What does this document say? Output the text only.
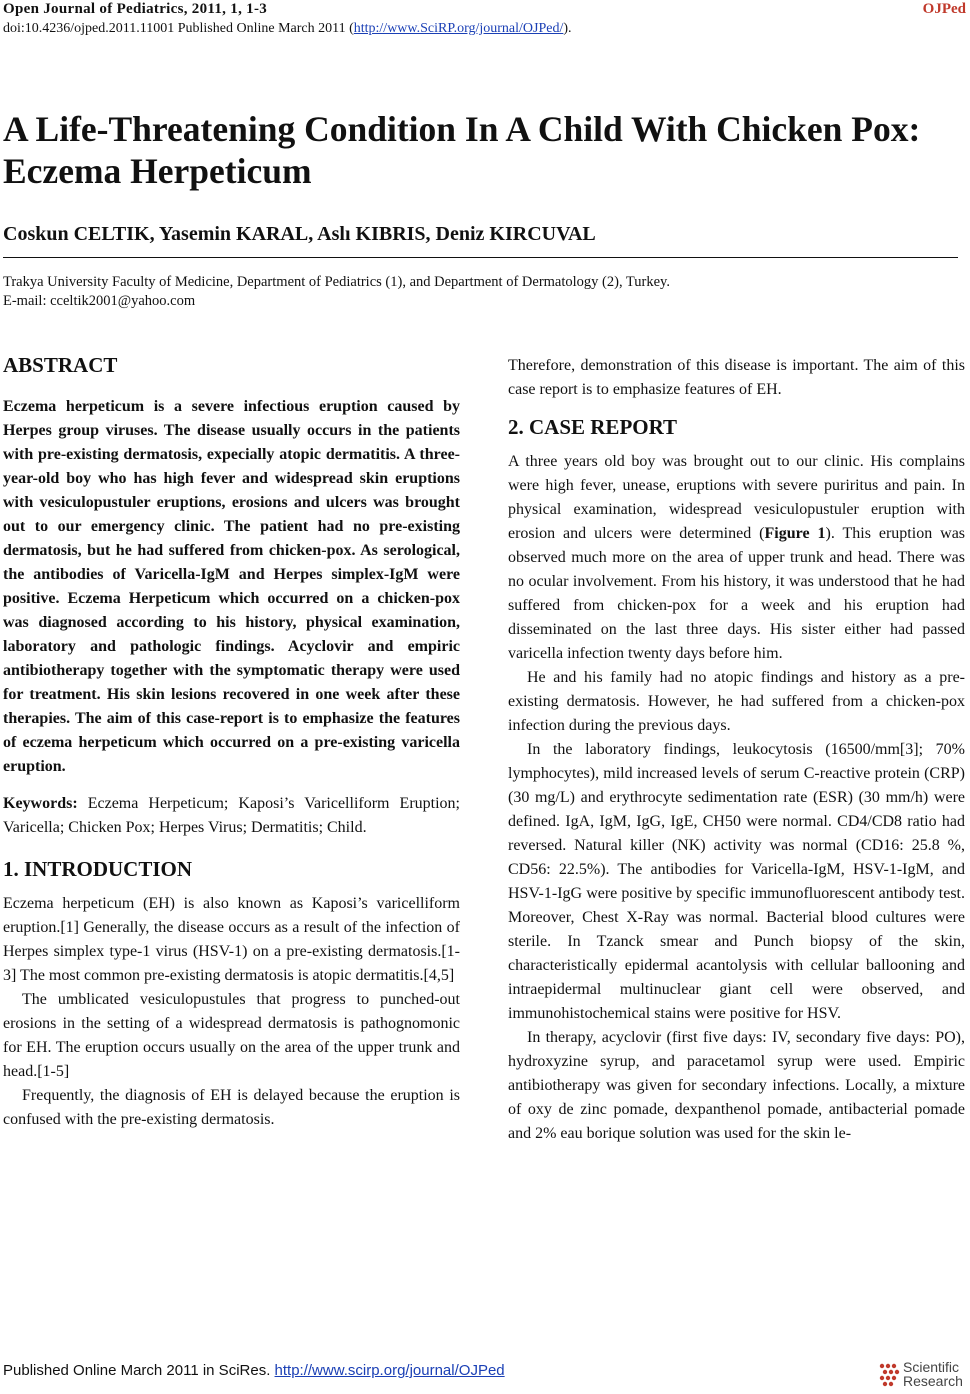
Open Journal of Pediatrics, 2011, 1, 1-3	OJPed
doi:10.4236/ojped.2011.11001 Published Online March 2011 (http://www.SciRP.org/journal/OJPed/).
A Life-Threatening Condition In A Child With Chicken Pox: Eczema Herpeticum
Coskun CELTIK, Yasemin KARAL, Aslı KIBRIS, Deniz KIRCUVAL
Trakya University Faculty of Medicine, Department of Pediatrics (1), and Department of Dermatology (2), Turkey.
E-mail: cceltik2001@yahoo.com
ABSTRACT

Eczema herpeticum is a severe infectious eruption caused by Herpes group viruses. The disease usually occurs in the patients with pre-existing dermatosis, expecially atopic dermatitis. A three-year-old boy who has high fever and widespread skin eruptions with vesiculopustuler eruptions, erosions and ulcers was brought out to our emergency clinic. The patient had no pre-existing dermatosis, but he had suffered from chicken-pox. As serological, the antibodies of Varicella-IgM and Herpes simplex-IgM were positive. Eczema Herpeticum which occurred on a chicken-pox was diagnosed according to his history, physical examination, laboratory and pathologic findings. Acyclovir and empiric antibiotherapy together with the symptomatic therapy were used for treatment. His skin lesions recovered in one week after these therapies. The aim of this case-report is to emphasize the features of eczema herpeticum which occurred on a pre-existing varicella eruption.

Keywords: Eczema Herpeticum; Kaposi’s Varicelliform Eruption; Varicella; Chicken Pox; Herpes Virus; Dermatitis; Child.

1. INTRODUCTION

Eczema herpeticum (EH) is also known as Kaposi’s varicelliform eruption.[1] Generally, the disease occurs as a result of the infection of Herpes simplex type-1 virus (HSV-1) on a pre-existing dermatosis.[1-3] The most common pre-existing dermatosis is atopic dermatitis.[4,5]

The umblicated vesiculopustules that progress to punched-out erosions in the setting of a widespread dermatosis is pathognomonic for EH. The eruption occurs usually on the area of the upper trunk and head.[1-5]

Frequently, the diagnosis of EH is delayed because the eruption is confused with the pre-existing dermatosis.

Therefore, demonstration of this disease is important. The aim of this case report is to emphasize features of EH.

2. CASE REPORT

A three years old boy was brought out to our clinic. His complains were high fever, unease, eruptions with severe puriritus and pain. In physical examination, widespread vesiculopustuler eruption with erosion and ulcers were determined (Figure 1). This eruption was observed much more on the area of upper trunk and head. There was no ocular involvement. From his history, it was understood that he had suffered from chicken-pox for a week and his eruption had disseminated on the last three days. His sister either had passed varicella infection twenty days before him.

He and his family had no atopic findings and history as a pre-existing dermatosis. However, he had suffered from a chicken-pox infection during the previous days.

In the laboratory findings, leukocytosis (16500/mm[3]; 70% lymphocytes), mild increased levels of serum C-reactive protein (CRP) (30 mg/L) and erythrocyte sedimentation rate (ESR) (30 mm/h) were defined. IgA, IgM, IgG, IgE, CH50 were normal. CD4/CD8 ratio had reversed. Natural killer (NK) activity was normal (CD16: 25.8 %, CD56: 22.5%). The antibodies for Varicella-IgM, HSV-1-IgM, and HSV-1-IgG were positive by specific immunofluorescent antibody test. Moreover, Chest X-Ray was normal. Bacterial blood cultures were sterile. In Tzanck smear and Punch biopsy of the skin, characteristically epidermal acantolysis with cellular ballooning and intraepidermal multinuclear giant cell were observed, and immunohistochemical stains were positive for HSV.

In therapy, acyclovir (first five days: IV, secondary five days: PO), hydroxyzine syrup, and paracetamol syrup were used. Empiric antibiotherapy was given for secondary infections. Locally, a mixture of oxy de zinc pomade, dexpanthenol pomade, antibacterial pomade and 2% eau borique solution was used for the skin le-

Published Online March 2011 in SciRes. http://www.scirp.org/journal/OJPed	Scientific
Research
